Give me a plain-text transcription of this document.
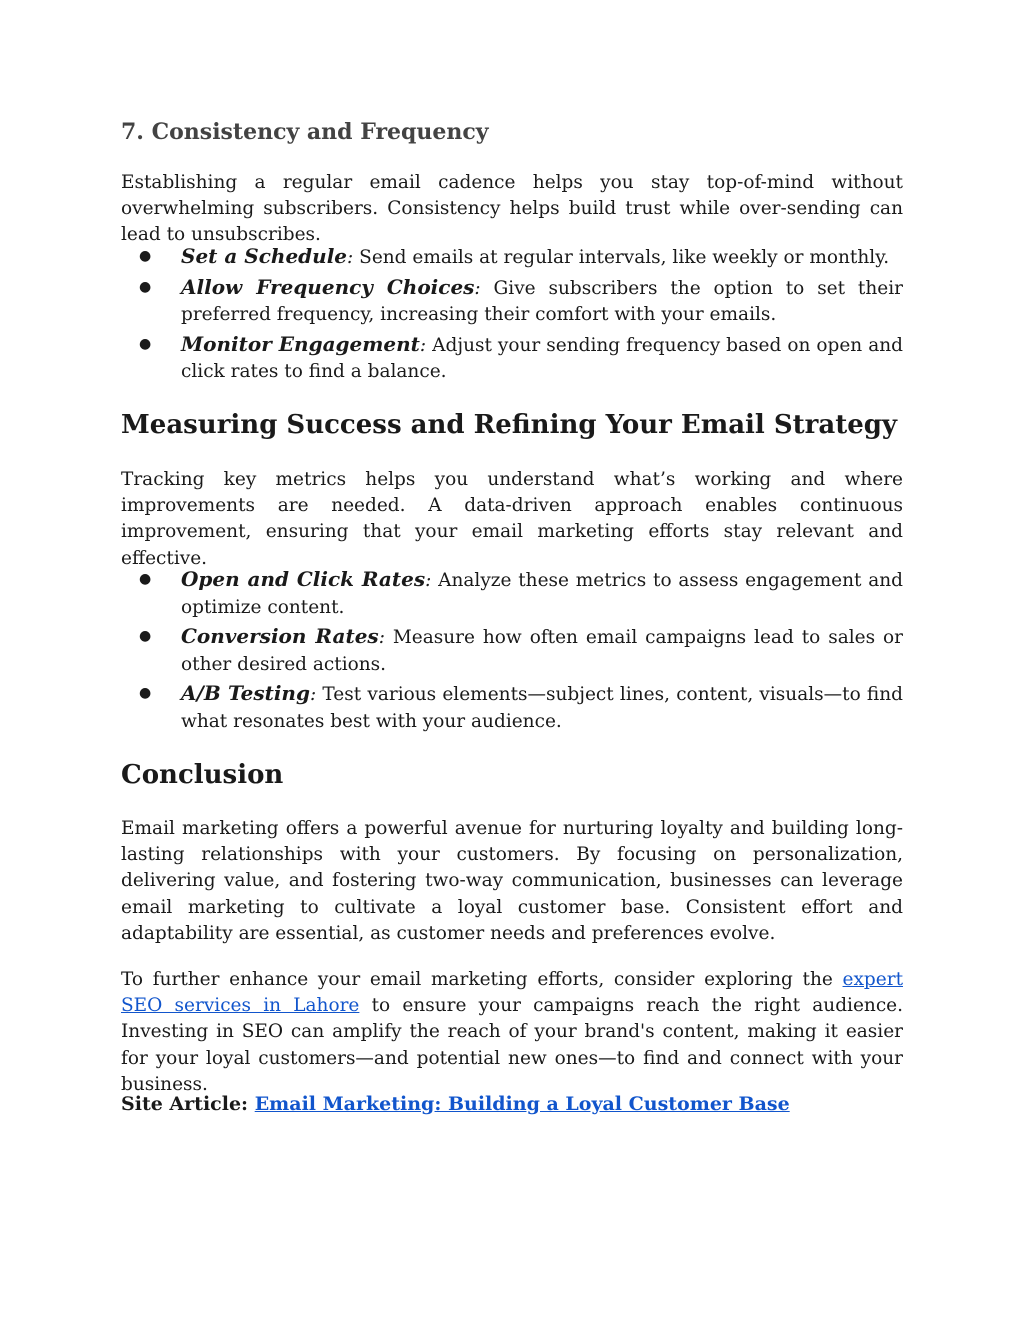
7. Consistency and Frequency
Establishing a regular email cadence helps you stay top-of-mind without overwhelming subscribers. Consistency helps build trust while over-sending can lead to unsubscribes.
● Set a Schedule: Send emails at regular intervals, like weekly or monthly.
● Allow Frequency Choices: Give subscribers the option to set their preferred frequency, increasing their comfort with your emails.
● Monitor Engagement: Adjust your sending frequency based on open and click rates to find a balance.
Measuring Success and Refining Your Email Strategy
Tracking key metrics helps you understand what’s working and where improvements are needed. A data-driven approach enables continuous improvement, ensuring that your email marketing efforts stay relevant and effective.
● Open and Click Rates: Analyze these metrics to assess engagement and optimize content.
● Conversion Rates: Measure how often email campaigns lead to sales or other desired actions.
● A/B Testing: Test various elements—subject lines, content, visuals—to find what resonates best with your audience.
Conclusion
Email marketing offers a powerful avenue for nurturing loyalty and building long-lasting relationships with your customers. By focusing on personalization, delivering value, and fostering two-way communication, businesses can leverage email marketing to cultivate a loyal customer base. Consistent effort and adaptability are essential, as customer needs and preferences evolve.
To further enhance your email marketing efforts, consider exploring the expert SEO services in Lahore to ensure your campaigns reach the right audience. Investing in SEO can amplify the reach of your brand's content, making it easier for your loyal customers—and potential new ones—to find and connect with your business.
Site Article: Email Marketing: Building a Loyal Customer Base
